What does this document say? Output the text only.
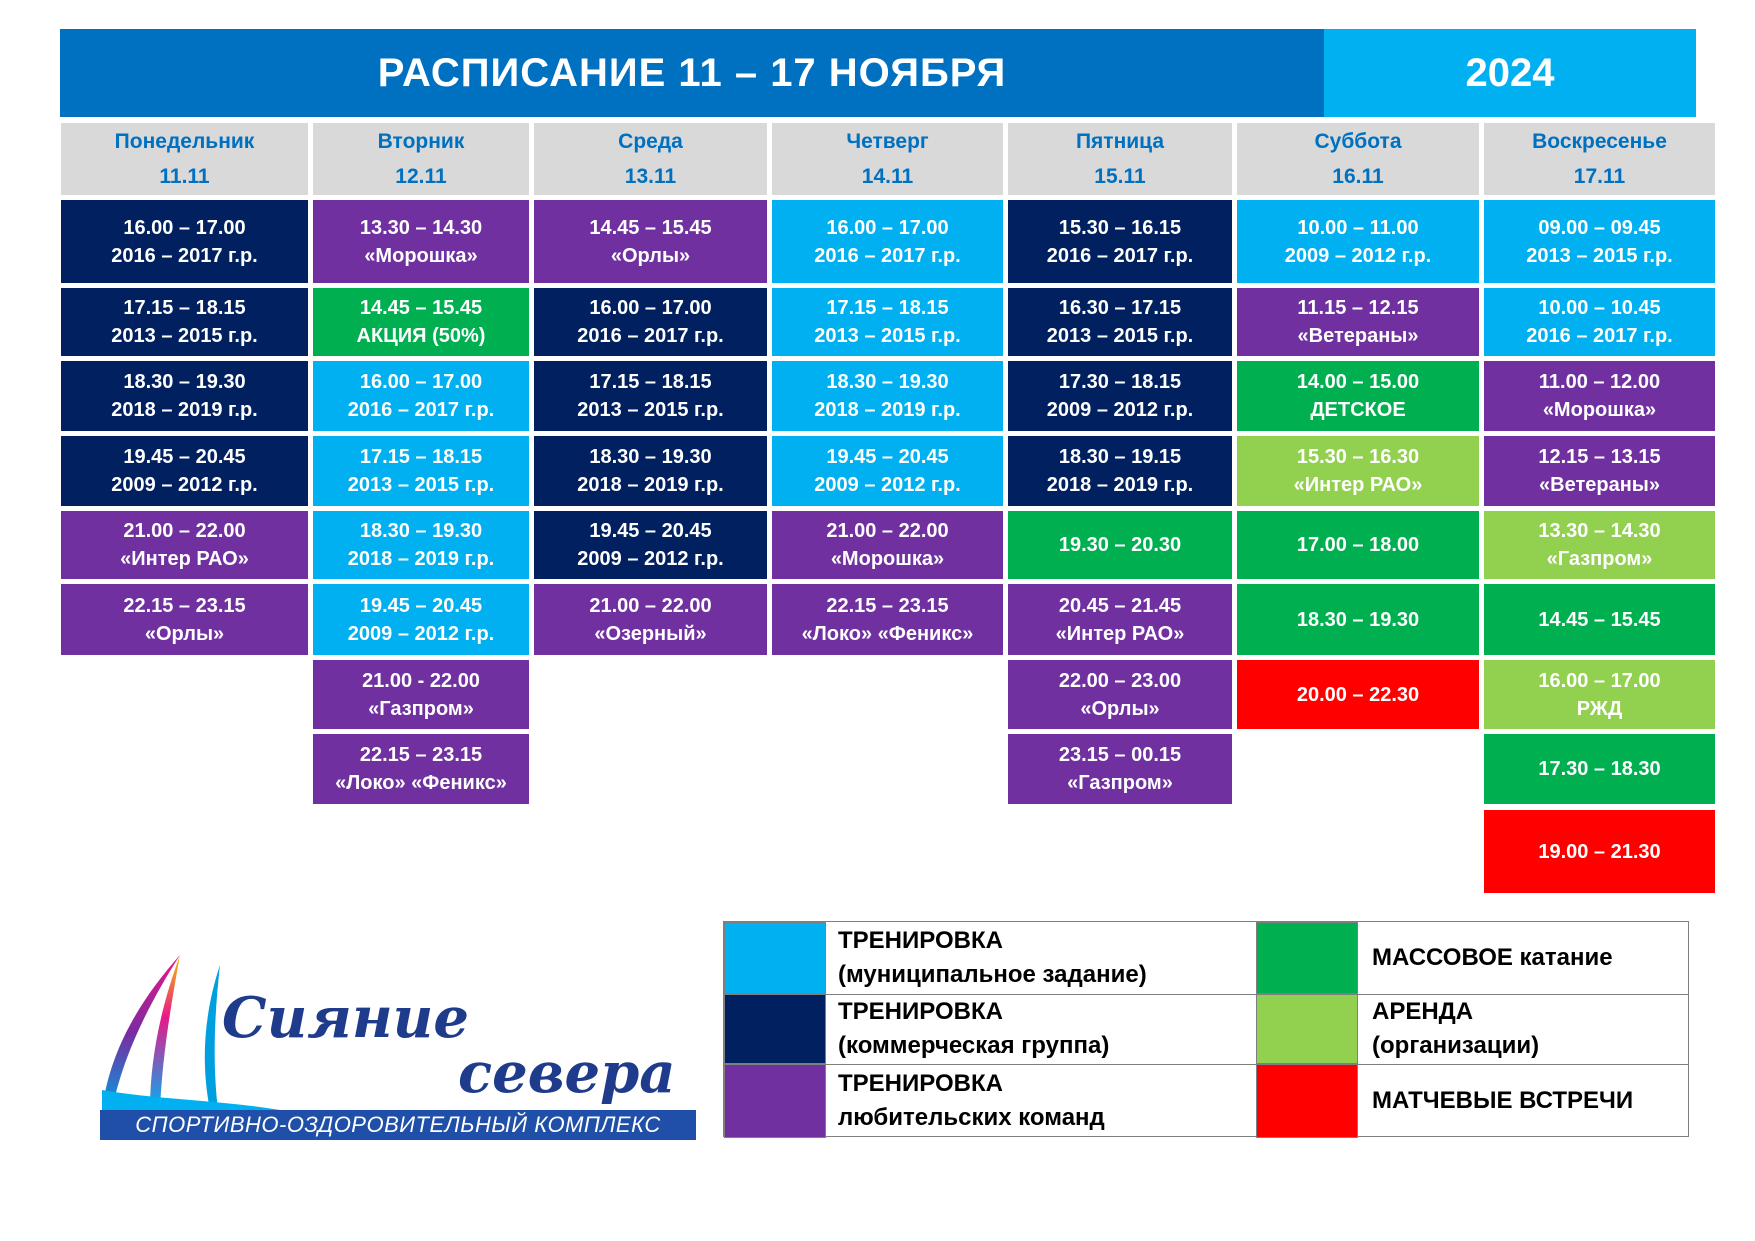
РАСПИСАНИЕ 11 – 17 НОЯБРЯ	2024
Понедельник
11.11
16.00 – 17.00
2016 – 2017 г.р.
17.15 – 18.15
2013 – 2015 г.р.
18.30 – 19.30
2018 – 2019 г.р.
19.45 – 20.45
2009 – 2012 г.р.
21.00 – 22.00
«Интер РАО»
22.15 – 23.15
«Орлы»
Вторник
12.11
13.30 – 14.30
«Морошка»
14.45 – 15.45
АКЦИЯ (50%)
16.00 – 17.00
2016 – 2017 г.р.
17.15 – 18.15
2013 – 2015 г.р.
18.30 – 19.30
2018 – 2019 г.р.
19.45 – 20.45
2009 – 2012 г.р.
21.00 - 22.00
«Газпром»
22.15 – 23.15
«Локо» «Феникс»
Среда
13.11
14.45 – 15.45
«Орлы»
16.00 – 17.00
2016 – 2017 г.р.
17.15 – 18.15
2013 – 2015 г.р.
18.30 – 19.30
2018 – 2019 г.р.
19.45 – 20.45
2009 – 2012 г.р.
21.00 – 22.00
«Озерный»
Четверг
14.11
16.00 – 17.00
2016 – 2017 г.р.
17.15 – 18.15
2013 – 2015 г.р.
18.30 – 19.30
2018 – 2019 г.р.
19.45 – 20.45
2009 – 2012 г.р.
21.00 – 22.00
«Морошка»
22.15 – 23.15
«Локо» «Феникс»
Пятница
15.11
15.30 – 16.15
2016 – 2017 г.р.
16.30 – 17.15
2013 – 2015 г.р.
17.30 – 18.15
2009 – 2012 г.р.
18.30 – 19.15
2018 – 2019 г.р.
19.30 – 20.30
20.45 – 21.45
«Интер РАО»
22.00 – 23.00
«Орлы»
23.15 – 00.15
«Газпром»
Суббота
16.11
10.00 – 11.00
2009 – 2012 г.р.
11.15 – 12.15
«Ветераны»
14.00 – 15.00
ДЕТСКОЕ
15.30 – 16.30
«Интер РАО»
17.00 – 18.00
18.30 – 19.30
20.00 – 22.30
Воскресенье
17.11
09.00 – 09.45
2013 – 2015 г.р.
10.00 – 10.45
2016 – 2017 г.р.
11.00 – 12.00
«Морошка»
12.15 – 13.15
«Ветераны»
13.30 – 14.30
«Газпром»
14.45 – 15.45
16.00 – 17.00
РЖД
17.30 – 18.30
19.00 – 21.30
ТРЕНИРОВКА
(муниципальное задание)
ТРЕНИРОВКА
(коммерческая группа)
ТРЕНИРОВКА
любительских команд
МАССОВОЕ катание
АРЕНДА
(организации)
МАТЧЕВЫЕ ВСТРЕЧИ
Сияние
севера
СПОРТИВНО-ОЗДОРОВИТЕЛЬНЫЙ КОМПЛЕКС
